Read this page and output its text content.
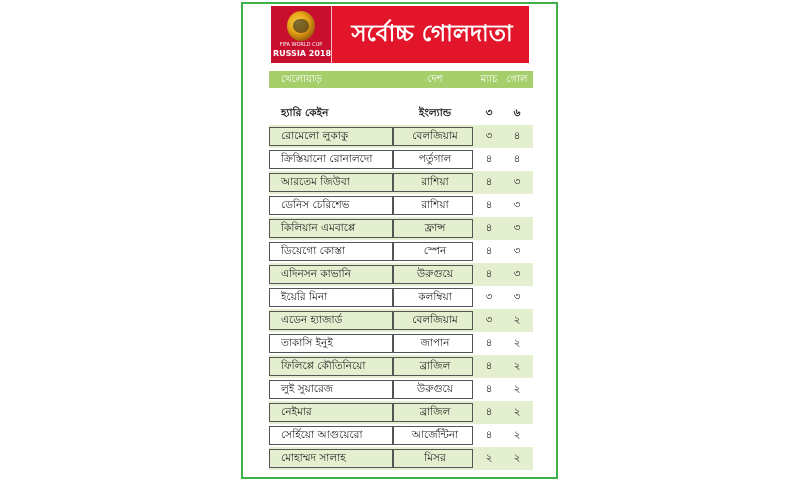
FIFA WORLD CUP
RUSSIA 2018
সর্বোচ্চ গোলদাতা
খেলোয়াড়	দেশ	ম্যাচ গোল
হ্যারি কেইন	ইংল্যান্ড	৩	৬
রোমেলো লুকাকু	বেলজিয়াম	৩	৪
ক্রিস্তিয়ানো রোনালদো	পর্তুগাল	৪	৪
আরতেম জিউবা	রাশিয়া	৪	৩
ডেনিস চেরিশেভ	রাশিয়া	৪	৩
কিলিয়ান এমবাপ্পে	ফ্রান্স	৪	৩
ডিয়েগো কোস্তা	স্পেন	৪	৩
এদিনসন কাভানি	উরুগুয়ে	৪	৩
ইয়েরি মিনা	কলম্বিয়া	৩	৩
এডেন হ্যাজার্ড	বেলজিয়াম	৩	২
তাকাসি ইনুই	জাপান	৪	২
ফিলিপ্পে কৌতিনিয়ো	ব্রাজিল	৪	২
লুই সুয়ারেজ	উরুগুয়ে	৪	২
নেইমার	ব্রাজিল	৪	২
সের্হিয়ো আগুয়েরো	আর্জেন্টিনা	৪	২
মোহাম্মদ সালাহ	মিসর	২	২
